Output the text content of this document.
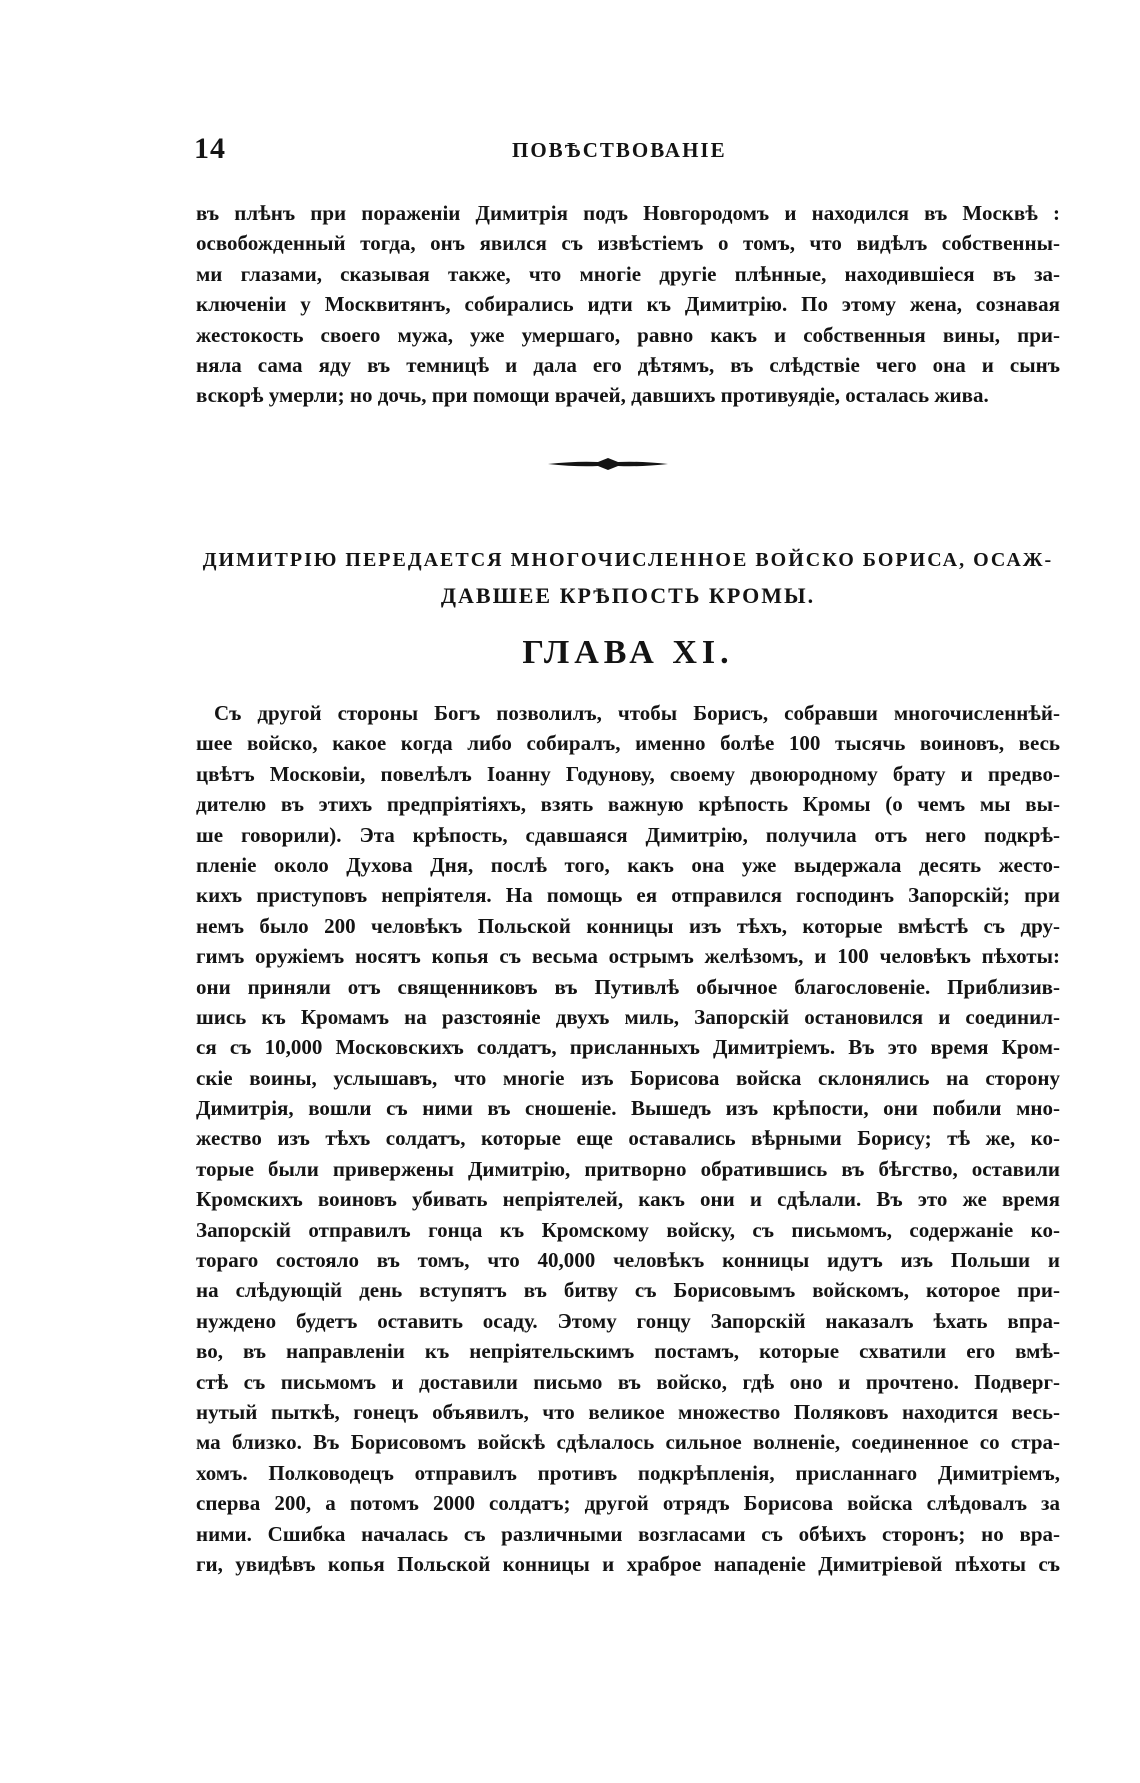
14	ПОВѢСТВОВАНIЕ
въ плѣнъ при пораженiи Димитрiя подъ Новгородомъ и находился въ Москвѣ :
освобожденный тогда, онъ явился съ извѣстiемъ о томъ, что видѣлъ собственны-
ми глазами, сказывая также, что многiе другiе плѣнные, находившiеся въ за-
ключенiи у Москвитянъ, собирались идти къ Димитрiю. По этому жена, сознавая
жестокость своего мужа, уже умершаго, равно какъ и собственныя вины, при-
няла сама яду въ темницѣ и дала его дѣтямъ, въ слѣдствiе чего она и сынъ
вскорѣ умерли; но дочь, при помощи врачей, давшихъ противуядiе, осталась жива.
ДИМИТРIЮ ПЕРЕДАЕТСЯ МНОГОЧИСЛЕННОЕ ВОЙСКО БОРИСА, ОСАЖ-
ДАВШЕЕ КРѢПОСТЬ КРОМЫ.
ГЛАВА XI.
Съ другой стороны Богъ позволилъ, чтобы Борисъ, собравши многочисленнѣй-
шее войско, какое когда либо собиралъ, именно болѣе 100 тысячь воиновъ, весь
цвѣтъ Московiи, повелѣлъ Iоанну Годунову, своему двоюродному брату и предво-
дителю въ этихъ предпрiятiяхъ, взять важную крѣпость Кромы (о чемъ мы вы-
ше говорили). Эта крѣпость, сдавшаяся Димитрiю, получила отъ него подкрѣ-
пленiе около Духова Дня, послѣ того, какъ она уже выдержала десять жесто-
кихъ приступовъ непрiятеля. На помощь ея отправился господинъ Запорскiй; при
немъ было 200 человѣкъ Польской конницы изъ тѣхъ, которые вмѣстѣ съ дру-
гимъ оружiемъ носятъ копья съ весьма острымъ желѣзомъ, и 100 человѣкъ пѣхоты:
они приняли отъ священниковъ въ Путивлѣ обычное благословенiе. Приблизив-
шись къ Кромамъ на разстоянiе двухъ миль, Запорскiй остановился и соединил-
ся съ 10,000 Московскихъ солдатъ, присланныхъ Димитрiемъ. Въ это время Кром-
скiе воины, услышавъ, что многiе изъ Борисова войска склонялись на сторону
Димитрiя, вошли съ ними въ сношенiе. Вышедъ изъ крѣпости, они побили мно-
жество изъ тѣхъ солдатъ, которые еще оставались вѣрными Борису; тѣ же, ко-
торые были привержены Димитрiю, притворно обратившись въ бѣгство, оставили
Кромскихъ воиновъ убивать непрiятелей, какъ они и сдѣлали. Въ это же время
Запорскiй отправилъ гонца къ Кромскому войску, съ письмомъ, содержанiе ко-
тораго состояло въ томъ, что 40,000 человѣкъ конницы идутъ изъ Польши и
на слѣдующiй день вступятъ въ битву съ Борисовымъ войскомъ, которое при-
нуждено будетъ оставить осаду. Этому гонцу Запорскiй наказалъ ѣхать впра-
во, въ направленiи къ непрiятельскимъ постамъ, которые схватили его вмѣ-
стѣ съ письмомъ и доставили письмо въ войско, гдѣ оно и прочтено. Подверг-
нутый пыткѣ, гонецъ объявилъ, что великое множество Поляковъ находится весь-
ма близко. Въ Борисовомъ войскѣ сдѣлалось сильное волненiе, соединенное со стра-
хомъ. Полководецъ отправилъ противъ подкрѣпленiя, присланнаго Димитрiемъ,
сперва 200, а потомъ 2000 солдатъ; другой отрядъ Борисова войска слѣдовалъ за
ними. Сшибка началась съ различными возгласами съ обѣихъ сторонъ; но вра-
ги, увидѣвъ копья Польской конницы и храброе нападенiе Димитрiевой пѣхоты съ
